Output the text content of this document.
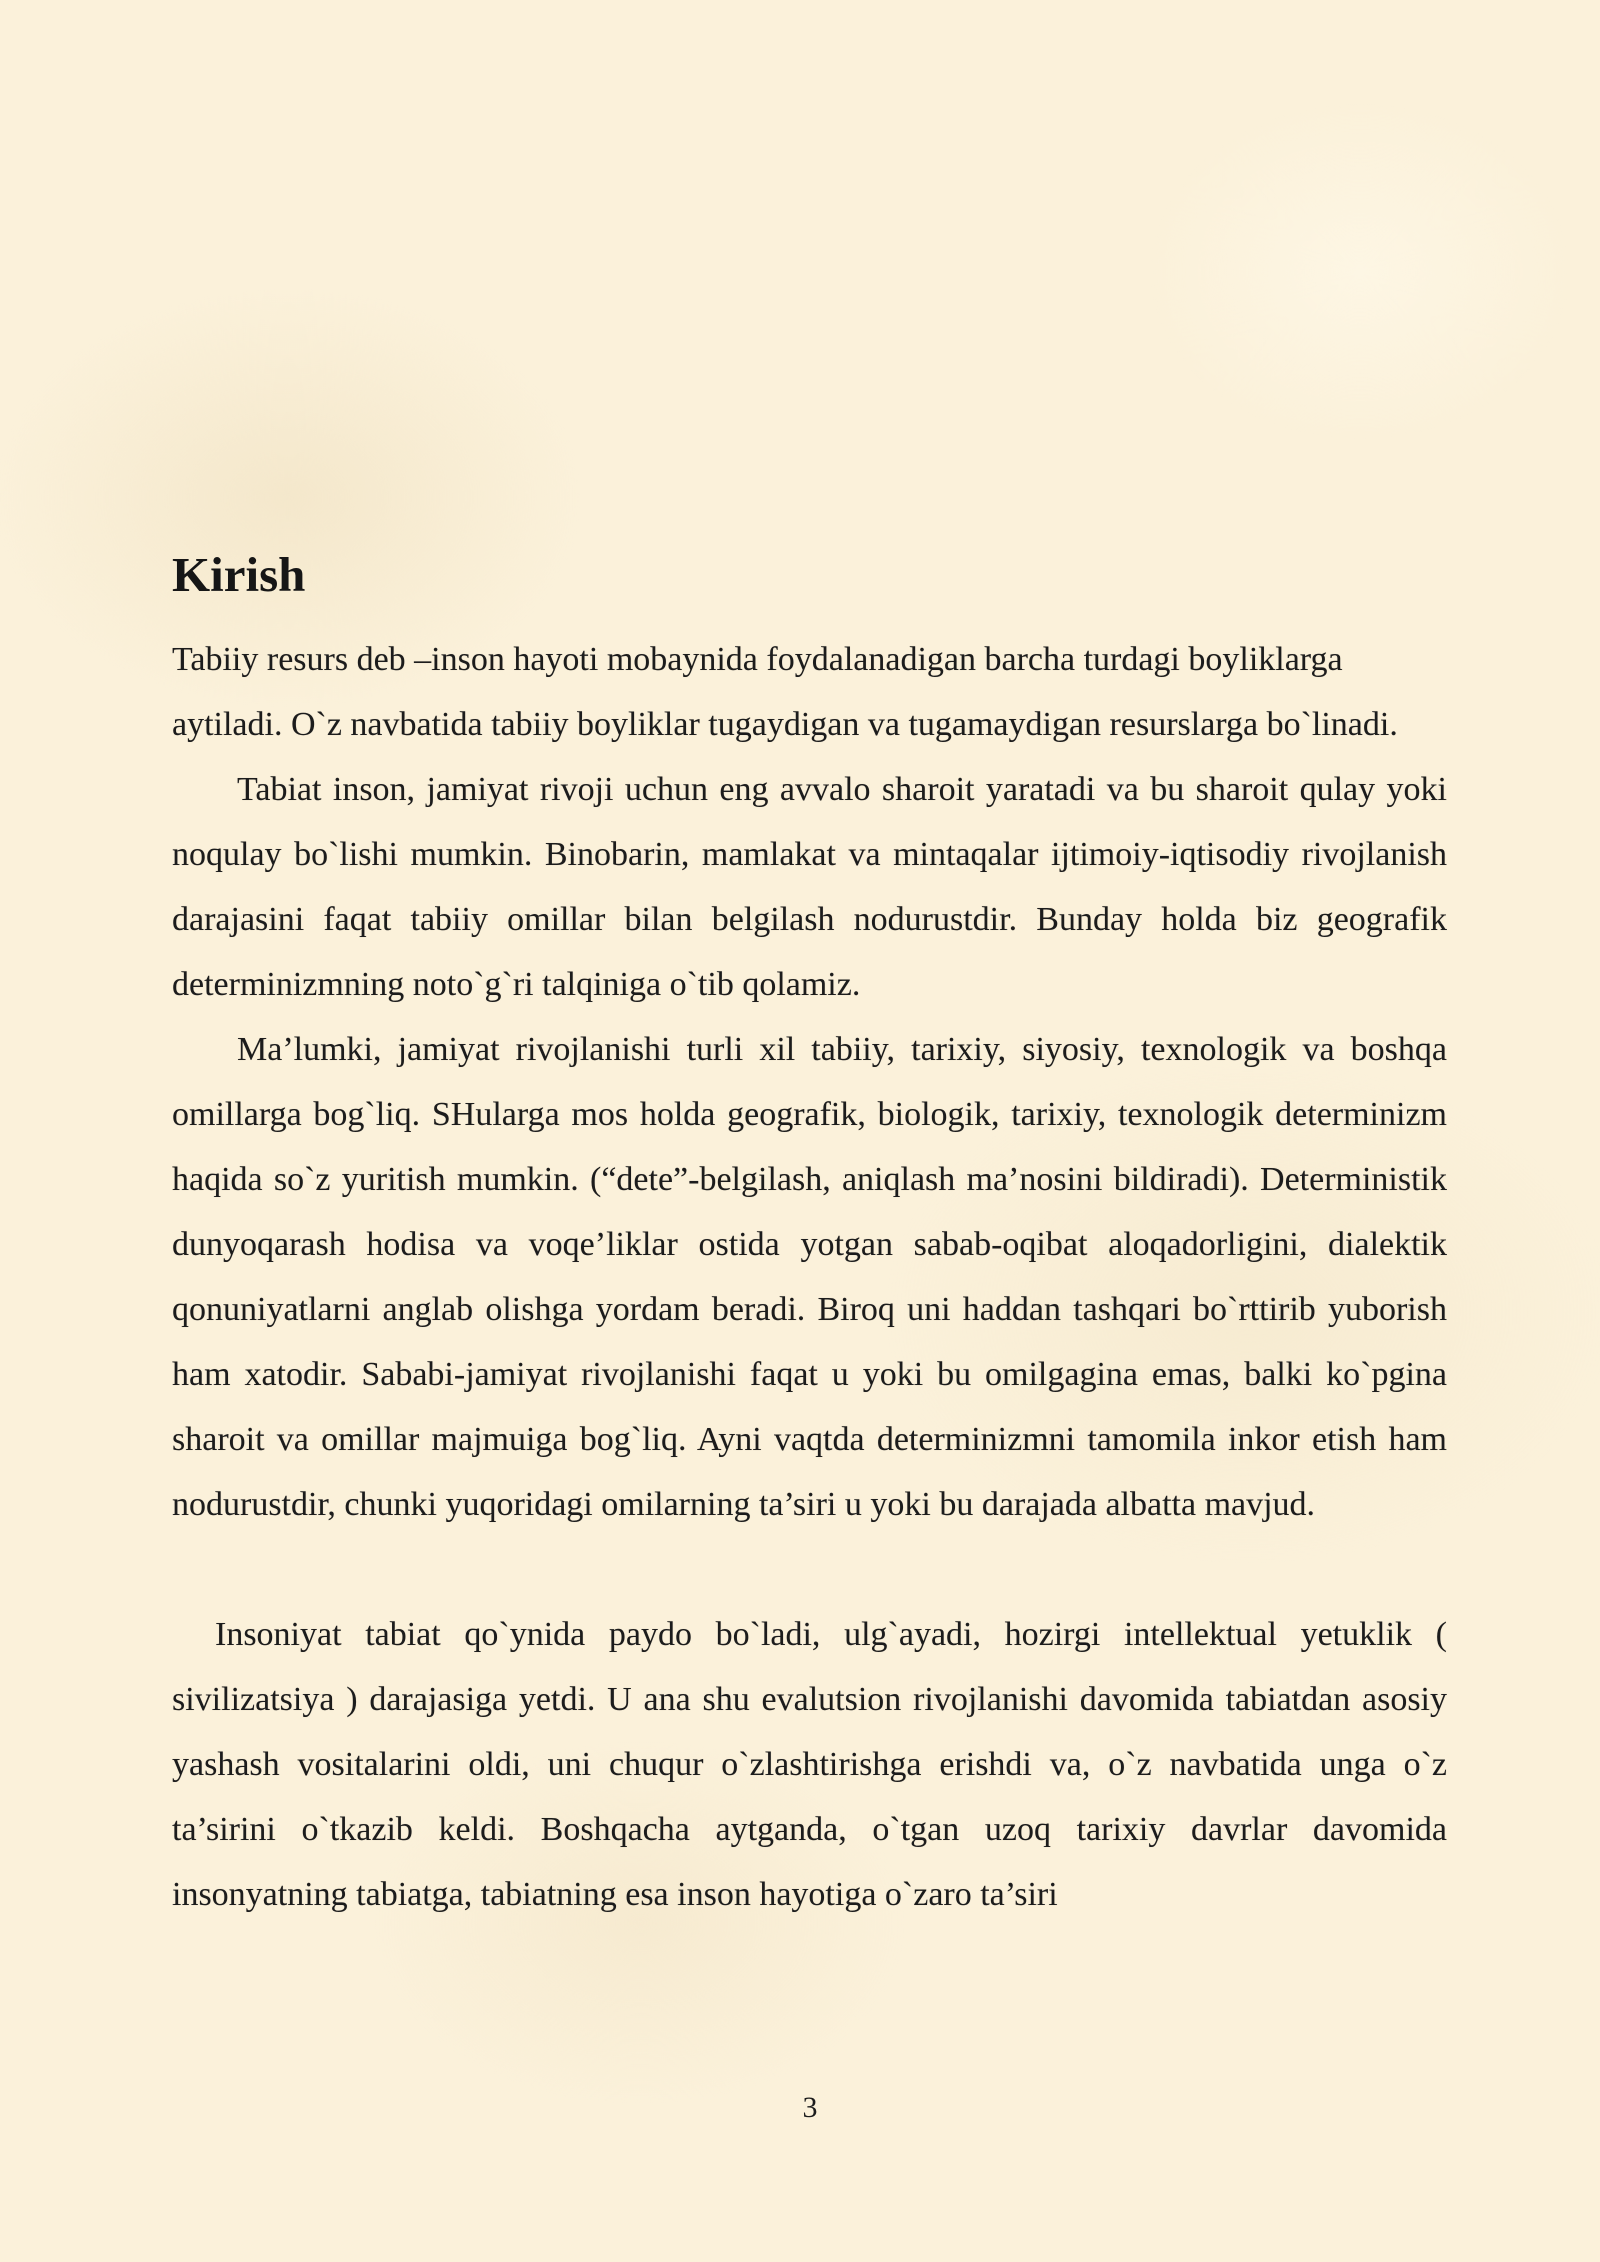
Kirish

Tabiiy resurs deb –inson hayoti mobaynida foydalanadigan barcha turdagi boyliklarga aytiladi. O`z navbatida tabiiy boyliklar tugaydigan va tugamaydigan resurslarga bo`linadi.

Tabiat inson, jamiyat rivoji uchun eng avvalo sharoit yaratadi va bu sharoit qulay yoki noqulay bo`lishi mumkin. Binobarin, mamlakat va mintaqalar ijtimoiy-iqtisodiy rivojlanish darajasini faqat tabiiy omillar bilan belgilash nodurustdir. Bunday holda biz geografik determinizmning noto`g`ri talqiniga o`tib qolamiz.

Ma’lumki, jamiyat rivojlanishi turli xil tabiiy, tarixiy, siyosiy, texnologik va boshqa omillarga bog`liq. SHularga mos holda geografik, biologik, tarixiy, texnologik determinizm haqida so`z yuritish mumkin. (“dete”-belgilash, aniqlash ma’nosini bildiradi). Deterministik dunyoqarash hodisa va voqe’liklar ostida yotgan sabab-oqibat aloqadorligini, dialektik qonuniyatlarni anglab olishga yordam beradi. Biroq uni haddan tashqari bo`rttirib yuborish ham xatodir. Sababi-jamiyat rivojlanishi faqat u yoki bu omilgagina emas, balki ko`pgina sharoit va omillar majmuiga bog`liq. Ayni vaqtda determinizmni tamomila inkor etish ham nodurustdir, chunki yuqoridagi omilarning ta’siri u yoki bu darajada albatta mavjud.

Insoniyat tabiat qo`ynida paydo bo`ladi, ulg`ayadi, hozirgi intellektual yetuklik ( sivilizatsiya ) darajasiga yetdi. U ana shu evalutsion rivojlanishi davomida tabiatdan asosiy yashash vositalarini oldi, uni chuqur o`zlashtirishga erishdi va, o`z navbatida unga o`z ta’sirini o`tkazib keldi. Boshqacha aytganda, o`tgan uzoq tarixiy davrlar davomida insonyatning tabiatga, tabiatning esa inson hayotiga o`zaro ta’siri

3
